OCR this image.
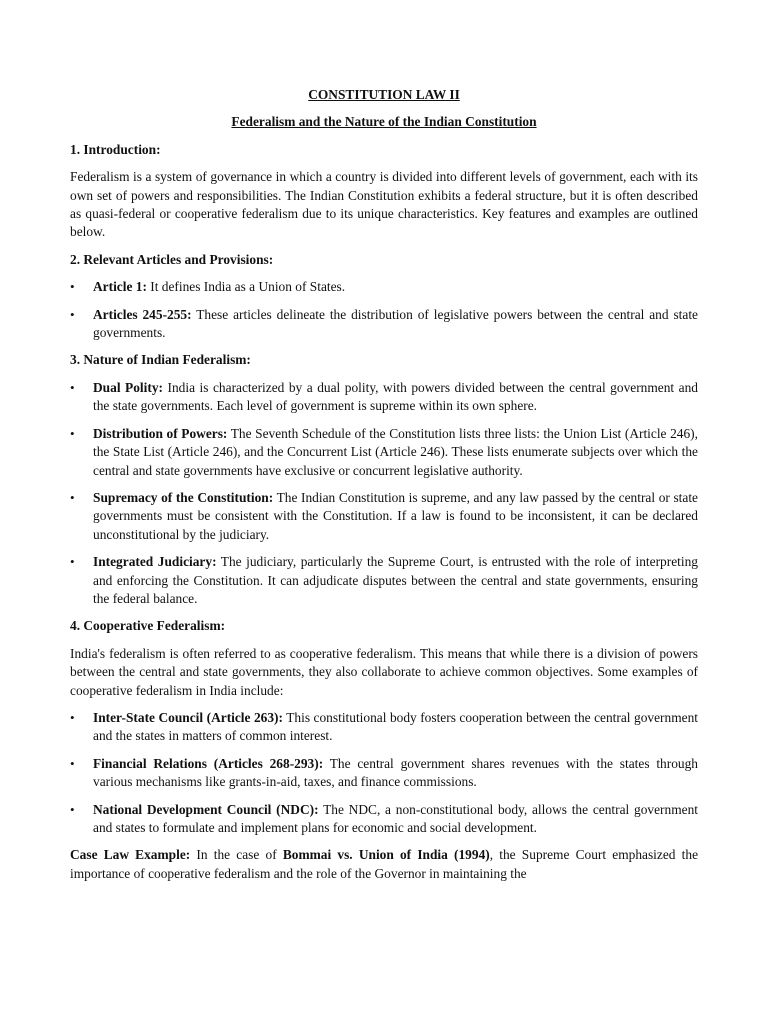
CONSTITUTION LAW II
Federalism and the Nature of the Indian Constitution
1. Introduction:

Federalism is a system of governance in which a country is divided into different levels of government, each with its own set of powers and responsibilities. The Indian Constitution exhibits a federal structure, but it is often described as quasi-federal or cooperative federalism due to its unique characteristics. Key features and examples are outlined below.

2. Relevant Articles and Provisions:
• Article 1: It defines India as a Union of States.
• Articles 245-255: These articles delineate the distribution of legislative powers between the central and state governments.
3. Nature of Indian Federalism:
• Dual Polity: India is characterized by a dual polity, with powers divided between the central government and the state governments. Each level of government is supreme within its own sphere.
• Distribution of Powers: The Seventh Schedule of the Constitution lists three lists: the Union List (Article 246), the State List (Article 246), and the Concurrent List (Article 246). These lists enumerate subjects over which the central and state governments have exclusive or concurrent legislative authority.
• Supremacy of the Constitution: The Indian Constitution is supreme, and any law passed by the central or state governments must be consistent with the Constitution. If a law is found to be inconsistent, it can be declared unconstitutional by the judiciary.
• Integrated Judiciary: The judiciary, particularly the Supreme Court, is entrusted with the role of interpreting and enforcing the Constitution. It can adjudicate disputes between the central and state governments, ensuring the federal balance.
4. Cooperative Federalism:

India's federalism is often referred to as cooperative federalism. This means that while there is a division of powers between the central and state governments, they also collaborate to achieve common objectives. Some examples of cooperative federalism in India include:

• Inter-State Council (Article 263): This constitutional body fosters cooperation between the central government and the states in matters of common interest.
• Financial Relations (Articles 268-293): The central government shares revenues with the states through various mechanisms like grants-in-aid, taxes, and finance commissions.
• National Development Council (NDC): The NDC, a non-constitutional body, allows the central government and states to formulate and implement plans for economic and social development.

Case Law Example: In the case of Bommai vs. Union of India (1994), the Supreme Court emphasized the importance of cooperative federalism and the role of the Governor in maintaining the
